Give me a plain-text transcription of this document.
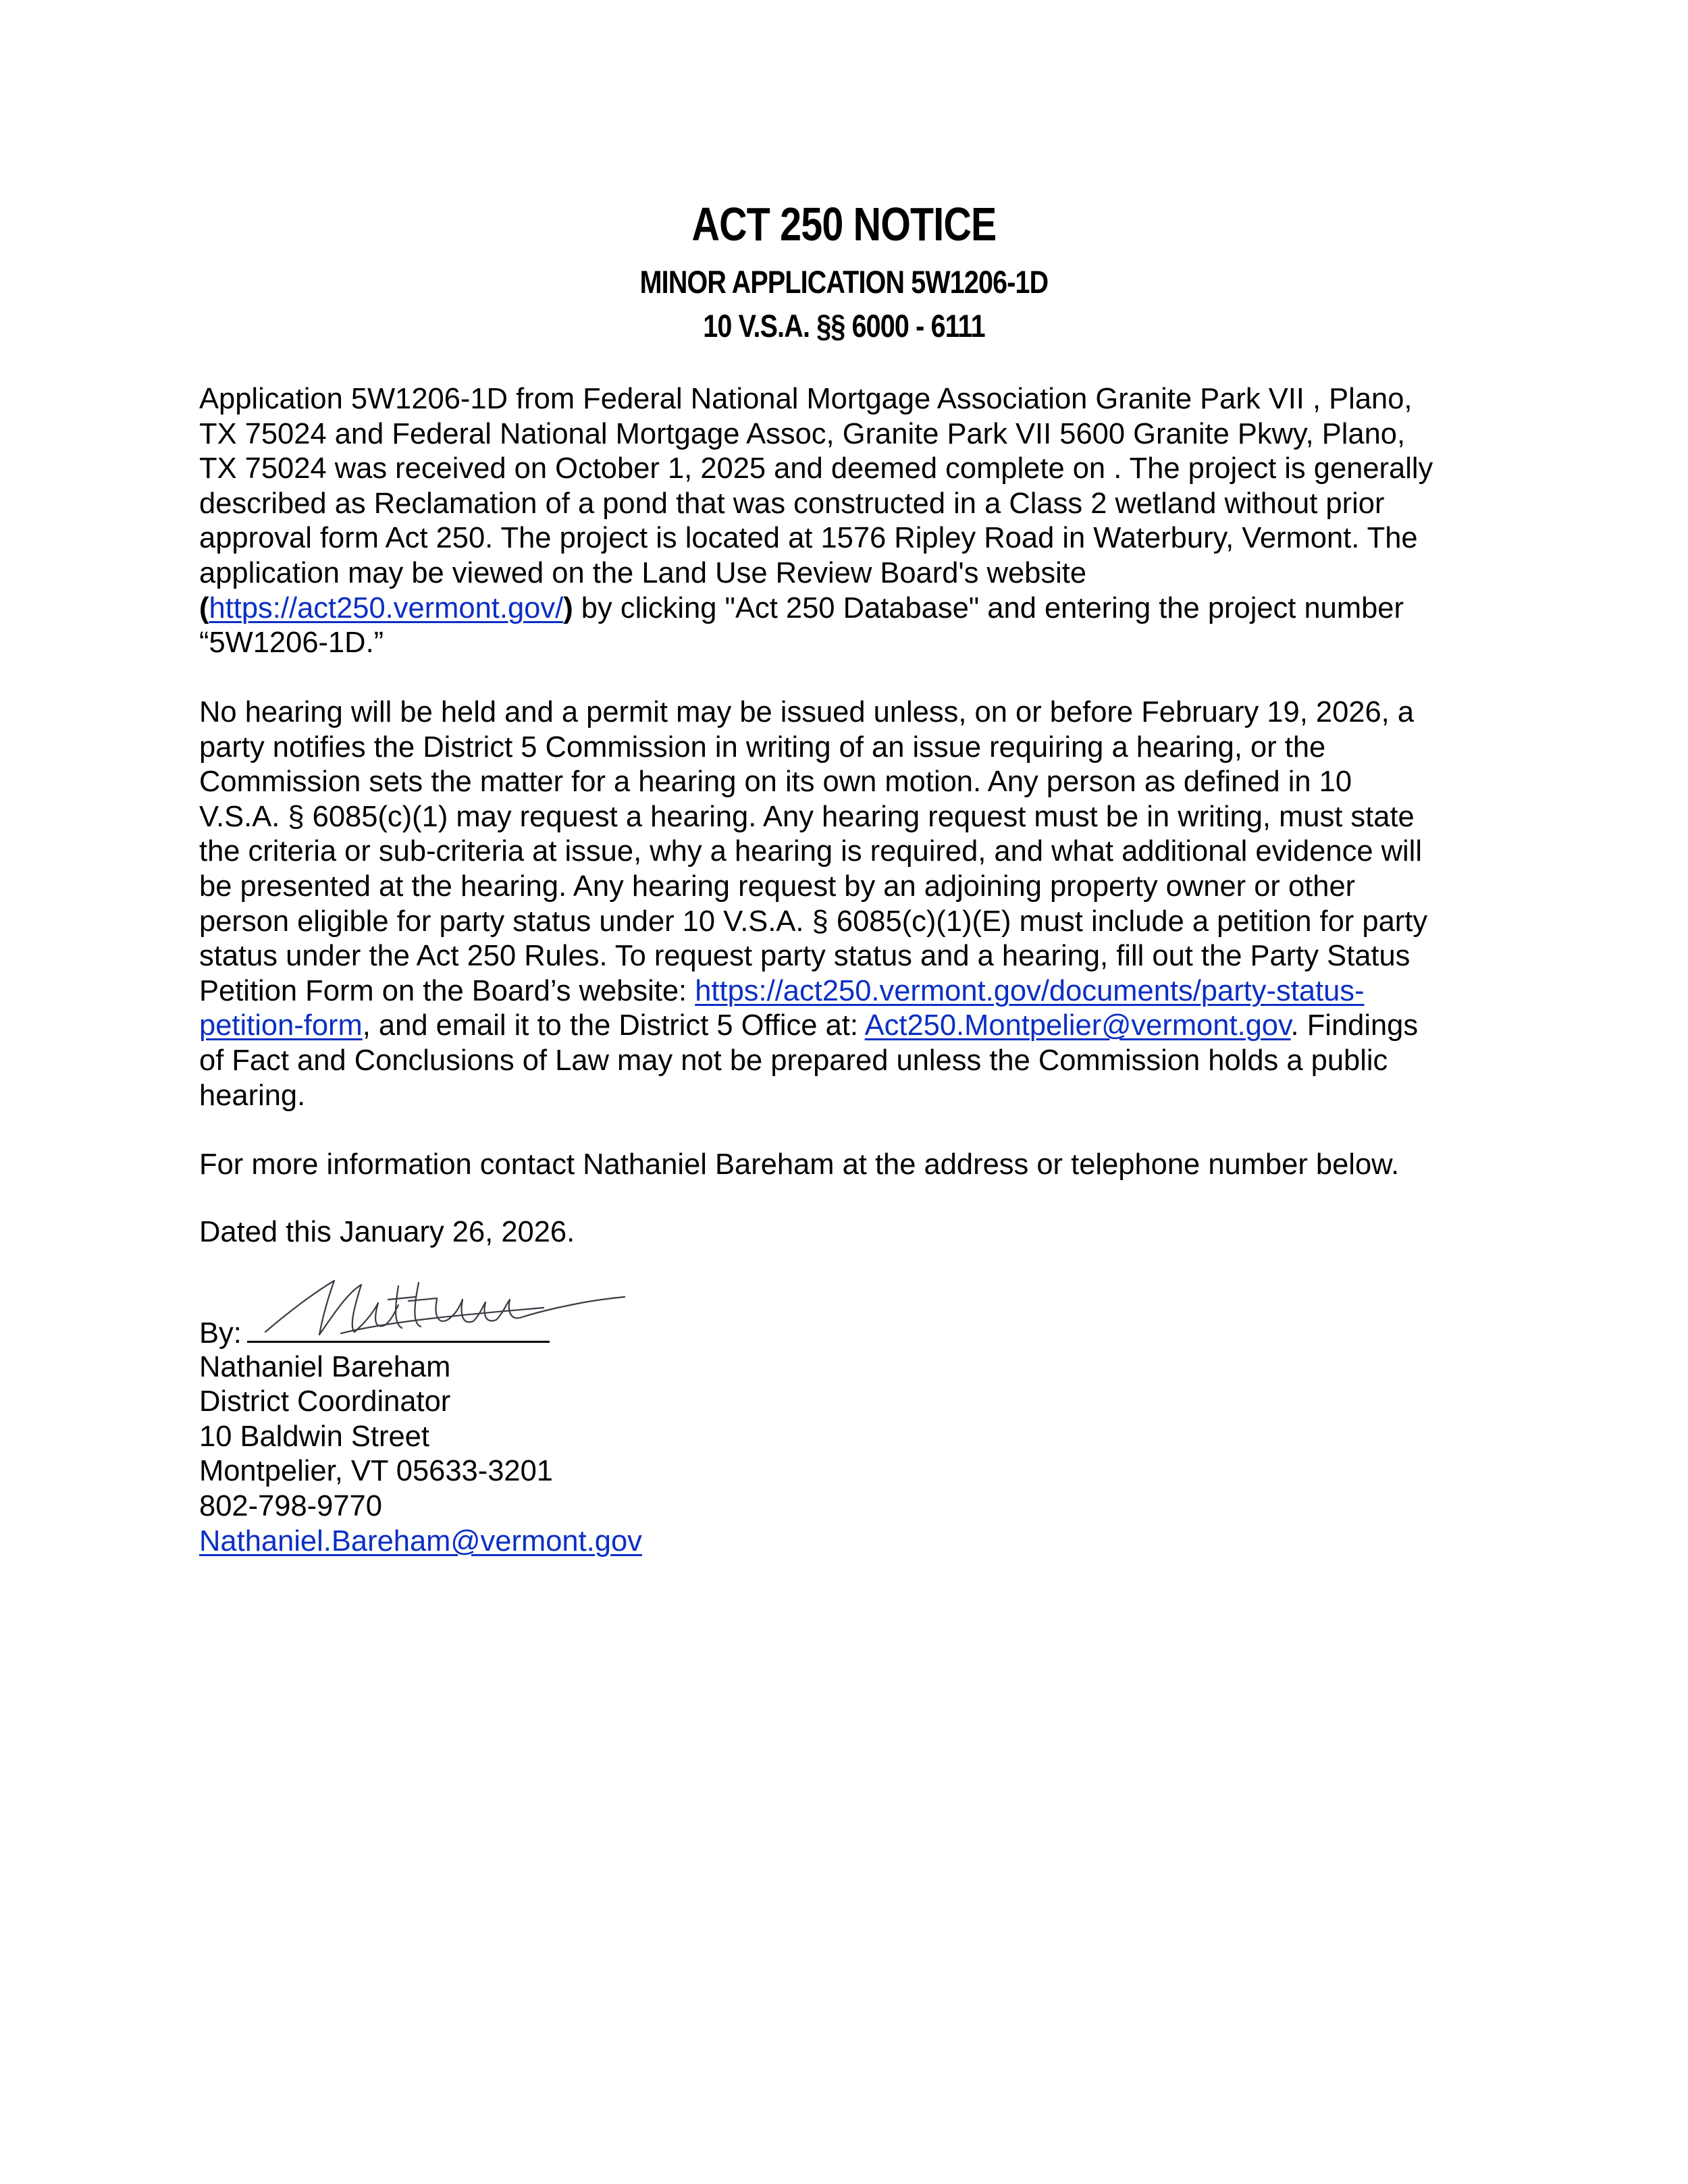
ACT 250 NOTICE
MINOR APPLICATION 5W1206-1D
10 V.S.A. §§ 6000 - 6111
Application 5W1206-1D from Federal National Mortgage Association Granite Park VII , Plano,
TX 75024 and Federal National Mortgage Assoc, Granite Park VII 5600 Granite Pkwy, Plano,
TX 75024 was received on October 1, 2025 and deemed complete on . The project is generally
described as Reclamation of a pond that was constructed in a Class 2 wetland without prior
approval form Act 250. The project is located at 1576 Ripley Road in Waterbury, Vermont. The
application may be viewed on the Land Use Review Board's website
(https://act250.vermont.gov/) by clicking "Act 250 Database" and entering the project number
“5W1206-1D.”
No hearing will be held and a permit may be issued unless, on or before February 19, 2026, a
party notifies the District 5 Commission in writing of an issue requiring a hearing, or the
Commission sets the matter for a hearing on its own motion. Any person as defined in 10
V.S.A. § 6085(c)(1) may request a hearing. Any hearing request must be in writing, must state
the criteria or sub-criteria at issue, why a hearing is required, and what additional evidence will
be presented at the hearing. Any hearing request by an adjoining property owner or other
person eligible for party status under 10 V.S.A. § 6085(c)(1)(E) must include a petition for party
status under the Act 250 Rules. To request party status and a hearing, fill out the Party Status
Petition Form on the Board’s website: https://act250.vermont.gov/documents/party-status-
petition-form, and email it to the District 5 Office at: Act250.Montpelier@vermont.gov. Findings
of Fact and Conclusions of Law may not be prepared unless the Commission holds a public
hearing.
For more information contact Nathaniel Bareham at the address or telephone number below.
Dated this January 26, 2026.
By:
Nathaniel Bareham
District Coordinator
10 Baldwin Street
Montpelier, VT 05633-3201
802-798-9770
Nathaniel.Bareham@vermont.gov
